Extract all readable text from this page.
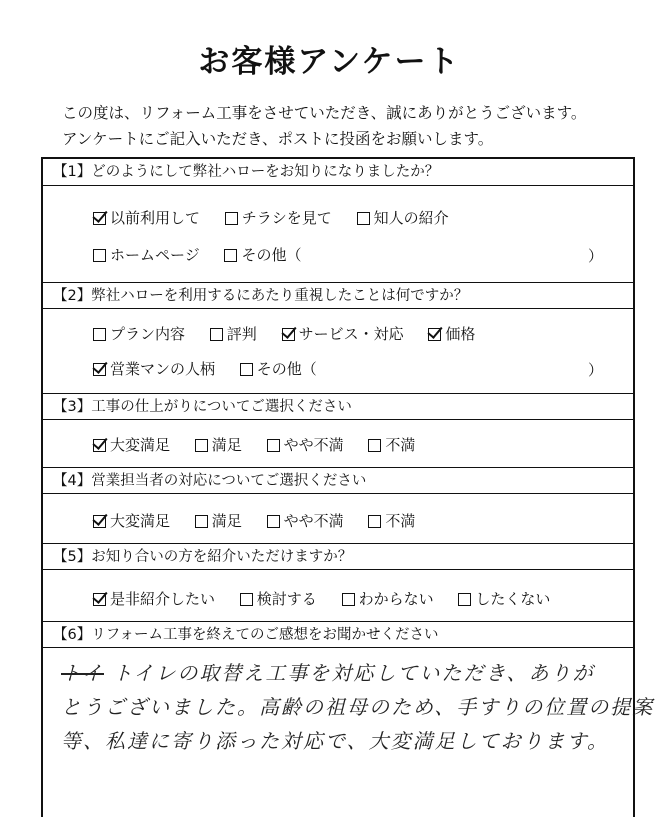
お客様アンケート
この度は、リフォーム工事をさせていただき、誠にありがとうございます。
アンケートにご記入いただき、ポストに投函をお願いします。
【1】どのようにして弊社ハローをお知りになりましたか？
以前利用して	チラシを見て	知人の紹介
ホームページ	その他（	）
【2】弊社ハローを利用するにあたり重視したことは何ですか？
プラン内容	評判	サービス・対応	価格
営業マンの人柄	その他（	）
【3】工事の仕上がりについてご選択ください
大変満足	満足	やや不満	不満
【4】営業担当者の対応についてご選択ください
大変満足	満足	やや不満	不満
【5】お知り合いの方を紹介いただけますか？
是非紹介したい	検討する	わからない	したくない
【6】リフォーム工事を終えてのご感想をお聞かせください
トイ トイレの取替え工事を対応していただき、ありが
とうございました。高齢の祖母のため、手すりの位置の提案
等、私達に寄り添った対応で、大変満足しております。
